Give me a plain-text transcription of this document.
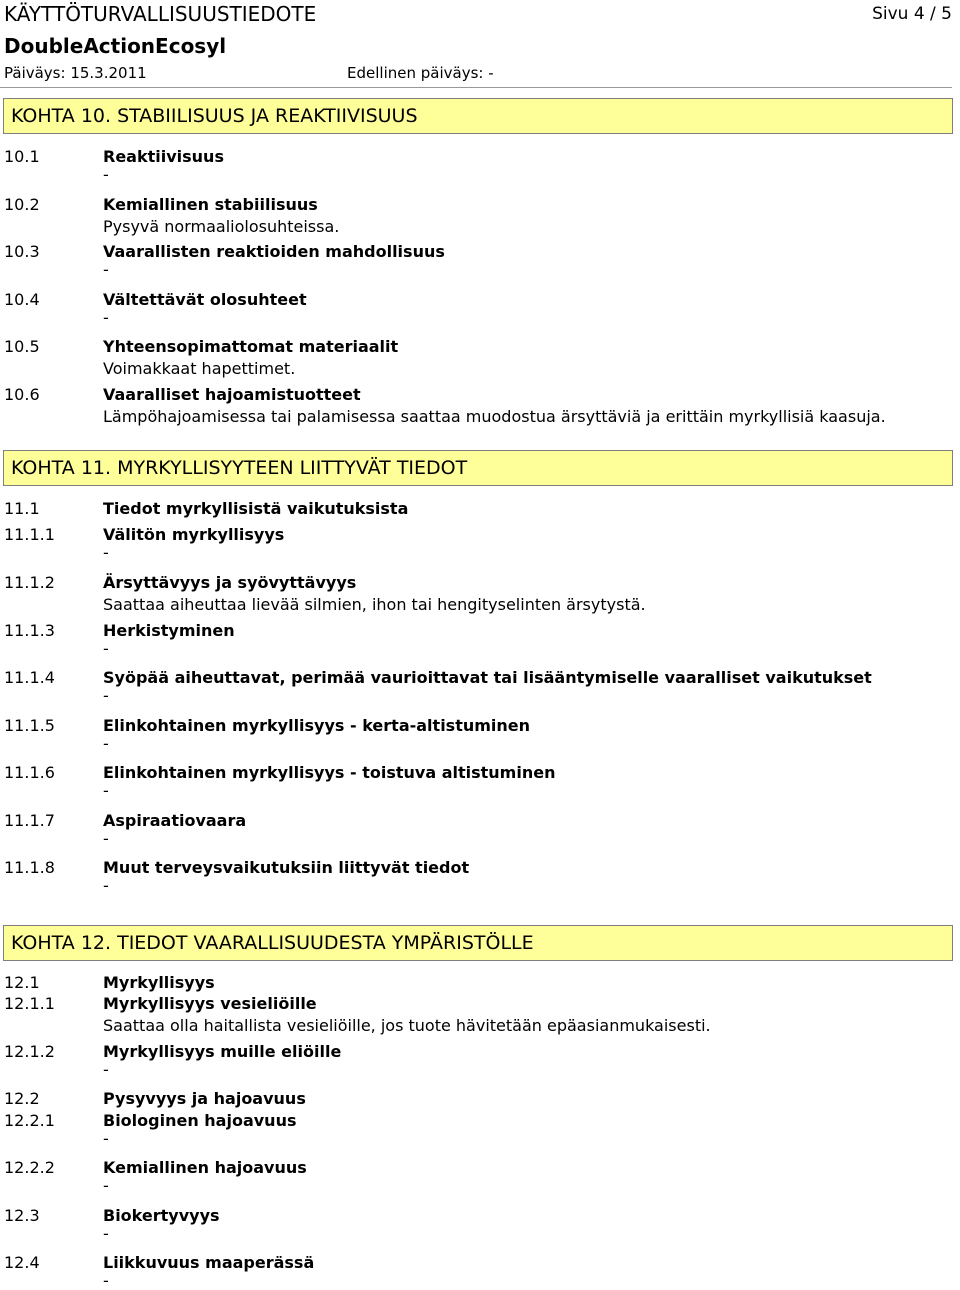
KÄYTTÖTURVALLISUUSTIEDOTE	Sivu 4 / 5
DoubleActionEcosyl
Päiväys: 15.3.2011	Edellinen päiväys: -
KOHTA 10. STABIILISUUS JA REAKTIIVISUUS
10.1	Reaktiivisuus
-
10.2	Kemiallinen stabiilisuus
Pysyvä normaaliolosuhteissa.
10.3	Vaarallisten reaktioiden mahdollisuus
-
10.4	Vältettävät olosuhteet
-
10.5	Yhteensopimattomat materiaalit
Voimakkaat hapettimet.
10.6	Vaaralliset hajoamistuotteet
Lämpöhajoamisessa tai palamisessa saattaa muodostua ärsyttäviä ja erittäin myrkyllisiä kaasuja.
KOHTA 11. MYRKYLLISYYTEEN LIITTYVÄT TIEDOT
11.1	Tiedot myrkyllisistä vaikutuksista
11.1.1	Välitön myrkyllisyys
-
11.1.2	Ärsyttävyys ja syövyttävyys
Saattaa aiheuttaa lievää silmien, ihon tai hengityselinten ärsytystä.
11.1.3	Herkistyminen
-
11.1.4	Syöpää aiheuttavat, perimää vaurioittavat tai lisääntymiselle vaaralliset vaikutukset
-
11.1.5	Elinkohtainen myrkyllisyys - kerta-altistuminen
-
11.1.6	Elinkohtainen myrkyllisyys - toistuva altistuminen
-
11.1.7	Aspiraatiovaara
-
11.1.8	Muut terveysvaikutuksiin liittyvät tiedot
-
KOHTA 12. TIEDOT VAARALLISUUDESTA YMPÄRISTÖLLE
12.1	Myrkyllisyys
12.1.1	Myrkyllisyys vesieliöille
Saattaa olla haitallista vesieliöille, jos tuote hävitetään epäasianmukaisesti.
12.1.2	Myrkyllisyys muille eliöille
-
12.2	Pysyvyys ja hajoavuus
12.2.1	Biologinen hajoavuus
-
12.2.2	Kemiallinen hajoavuus
-
12.3	Biokertyvyys
-
12.4	Liikkuvuus maaperässä
-
